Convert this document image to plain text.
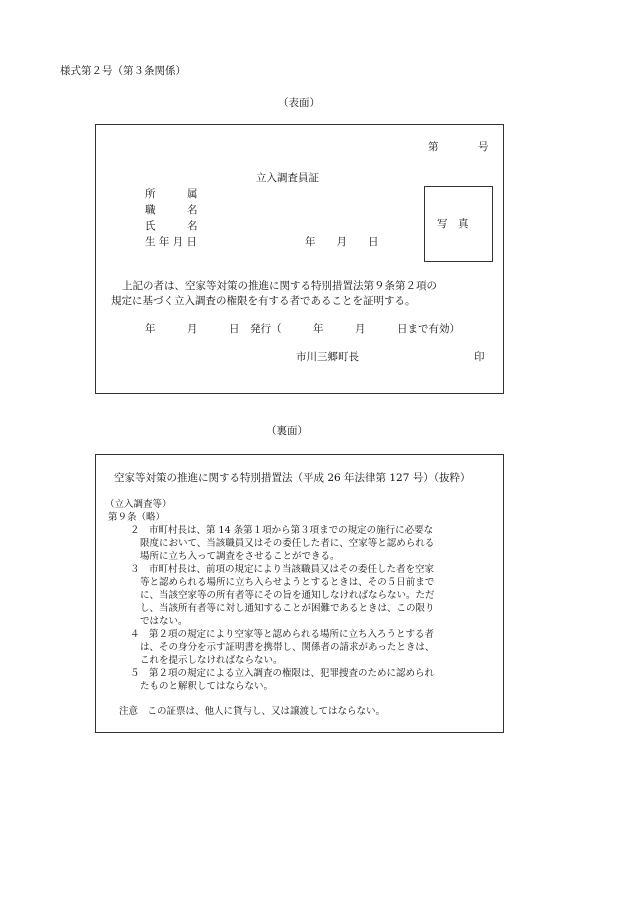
様式第２号（第３条関係）
（表面）
第	号
立入調査員証
所　　　属
職　　　名
氏　　　名
生 年 月 日	年　　月　　日
写　真
上記の者は、空家等対策の推進に関する特別措置法第９条第２項の
規定に基づく立入調査の権限を有する者であることを証明する。
年　　　月　　　日　発行（　　　年　　　月　　　日まで有効）
市川三郷町長	印
（裏面）
空家等対策の推進に関する特別措置法（平成 26 年法律第 127 号）（抜粋）
（立入調査等）
第９条（略）
２ 市町村長は、第 14 条第１項から第３項までの規定の施行に必要な
限度において、当該職員又はその委任した者に、空家等と認められる
場所に立ち入って調査をさせることができる。
３ 市町村長は、前項の規定により当該職員又はその委任した者を空家
等と認められる場所に立ち入らせようとするときは、その５日前まで
に、当該空家等の所有者等にその旨を通知しなければならない。ただ
し、当該所有者等に対し通知することが困難であるときは、この限り
ではない。
４ 第２項の規定により空家等と認められる場所に立ち入ろうとする者
は、その身分を示す証明書を携帯し、関係者の請求があったときは、
これを提示しなければならない。
５ 第２項の規定による立入調査の権限は、犯罪捜査のために認められ
たものと解釈してはならない。
注意　この証票は、他人に貸与し、又は譲渡してはならない。
